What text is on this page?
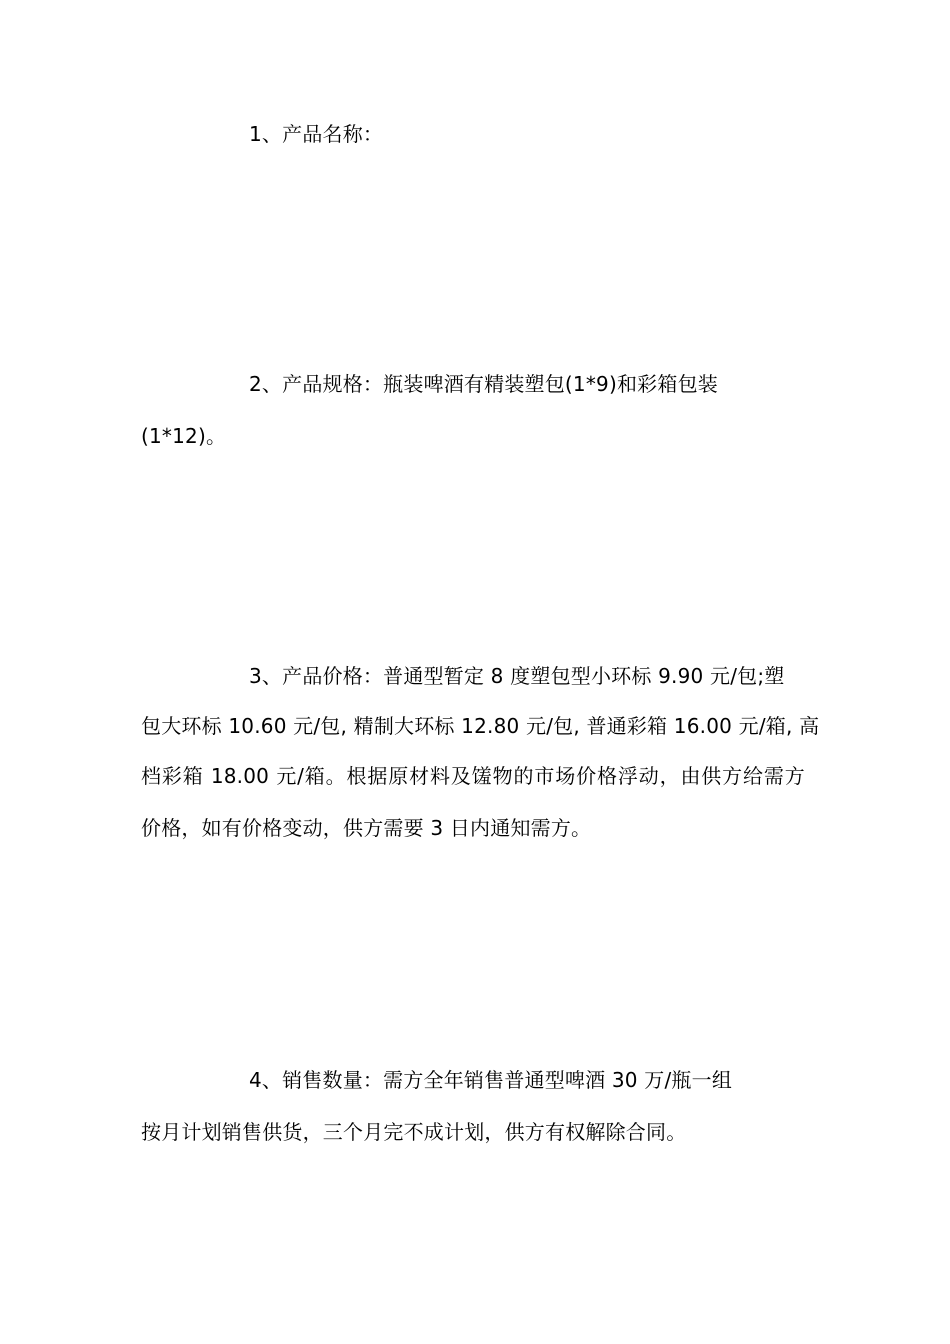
1、产品名称：
2、产品规格：瓶装啤酒有精装塑包(1*9)和彩箱包装
(1*12)。
3、产品价格：普通型暂定 8 度塑包型小环标 9.90 元/包;塑
包大环标 10.60 元/包, 精制大环标 12.80 元/包, 普通彩箱 16.00 元/箱, 高
档彩箱 18.00 元/箱。根据原材料及馐物的市场价格浮动，由供方给需方
价格，如有价格变动，供方需要 3 日内通知需方。
4、销售数量：需方全年销售普通型啤酒 30 万/瓶一组
按月计划销售供货，三个月完不成计划，供方有权解除合同。
